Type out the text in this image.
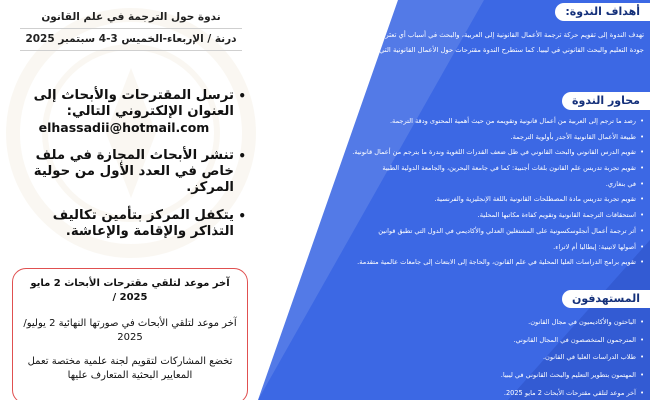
ندوة حول الترجمة في علم القانون
درنة / الإربعاء-الخميس 3-4 سبتمبر 2025
• ترسل المقترحات والأبحاث إلى العنوان الإلكتروني التالي:
elhassadii@hotmail.com
• تنشر الأبحاث المجازة في ملف خاص في العدد الأول من حولية المركز.
• يتكفل المركز بتأمين تكاليف التذاكر والإقامة والإعاشة.
آخر موعد لتلقي مقترحات الأبحاث 2 مايو 2025 /
آخر موعد لتلقي الأبحاث في صورتها النهائية 2 يوليو/ 2025
تخضع المشاركات لتقويم لجنة علمية مختصة تعمل المعايير البحثية المتعارف عليها
أهداف الندوة:
تهدف الندوة إلى تقويم حركة ترجمة الأعمال القانونية إلى العربية، والبحث في أسباب أي تعثر قد يواجه هذه الحركة، وتأثير ذلك على جودة التعليم والبحث القانوني في ليبيا. كما ستطرح الندوة مقترحات حول الأعمال القانونية التي تستحق الأولوية في الترجمة .
محاور الندوة
• رصد ما ترجم إلى العربية من أعمال قانونية وتقويمه من حيث أهمية المحتوى ودقة الترجمة.
• طبيعة الأعمال القانونية الأجدر بأولوية الترجمة.
• تقويم الدرس القانوني والبحث القانوني في ظل ضعف القدرات اللغوية وندرة ما يترجم من أعمال قانونية.
• تقويم تجربة تدريس علم القانون بلغات أجنبية: كما في جامعة البحرين، والجامعة الدولية الطبية
• في بنغازي.
• تقويم تجربة تدريس مادة المصطلحات القانونية باللغة الإنجليزية والفرنسية.
• استحقاقات الترجمة القانونية وتقويم كفاءة مكاتبها المحلية.
• أثر ترجمة أعمال أنجلوسكسونية على المشتغلين العدلي والأكاديمي في الدول التي تطبق قوانين
• أصولها لاتينية: إيطاليا أم لاتراء.
• تقويم برامج الدراسات العليا المحلية في علم القانون، والحاجة إلى الابتعاث إلى جامعات عالمية متقدمة.
المستهدفون
• الباحثون والأكاديميون في مجال القانون.
• المترجمون المتخصصون في المجال القانوني.
• طلاب الدراسات العليا في القانون.
• المهتمون بتطوير التعليم والبحث القانوني في ليبيا.
• آخر موعد لتلقي مقترحات الأبحاث 2 مايو 2025.
